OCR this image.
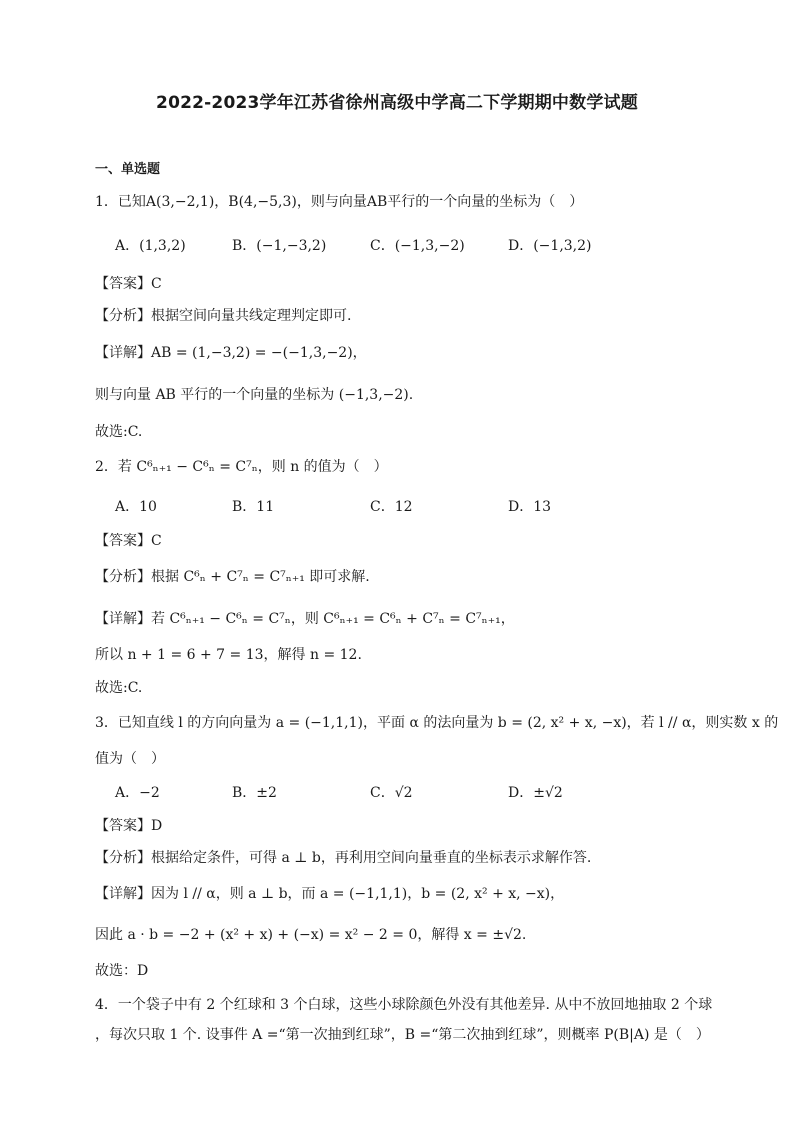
2022-2023学年江苏省徐州高级中学高二下学期期中数学试题
一、单选题
1．已知A(3,−2,1)，B(4,−5,3)，则与向量AB平行的一个向量的坐标为（　）
A．(1,3,2)	B．(−1,−3,2)	C．(−1,3,−2)	D．(−1,3,2)
【答案】C
【分析】根据空间向量共线定理判定即可.
【详解】AB = (1,−3,2) = −(−1,3,−2)，
则与向量 AB 平行的一个向量的坐标为 (−1,3,−2).
故选:C.
2．若 C⁶ₙ₊₁ − C⁶ₙ = C⁷ₙ，则 n 的值为（　）
A．10	B．11	C．12	D．13
【答案】C
【分析】根据 C⁶ₙ + C⁷ₙ = C⁷ₙ₊₁ 即可求解.
【详解】若 C⁶ₙ₊₁ − C⁶ₙ = C⁷ₙ，则 C⁶ₙ₊₁ = C⁶ₙ + C⁷ₙ = C⁷ₙ₊₁，
所以 n + 1 = 6 + 7 = 13，解得 n = 12.
故选:C.
3．已知直线 l 的方向向量为 a = (−1,1,1)，平面 α 的法向量为 b = (2, x² + x, −x)，若 l // α，则实数 x 的
值为（　）
A．−2	B．±2	C．√2	D．±√2
【答案】D
【分析】根据给定条件，可得 a ⊥ b，再利用空间向量垂直的坐标表示求解作答.
【详解】因为 l // α，则 a ⊥ b，而 a = (−1,1,1)，b = (2, x² + x, −x)，
因此 a · b = −2 + (x² + x) + (−x) = x² − 2 = 0，解得 x = ±√2.
故选：D
4．一个袋子中有 2 个红球和 3 个白球，这些小球除颜色外没有其他差异. 从中不放回地抽取 2 个球
，每次只取 1 个. 设事件 A =“第一次抽到红球”，B =“第二次抽到红球”，则概率 P(B|A) 是（　）
